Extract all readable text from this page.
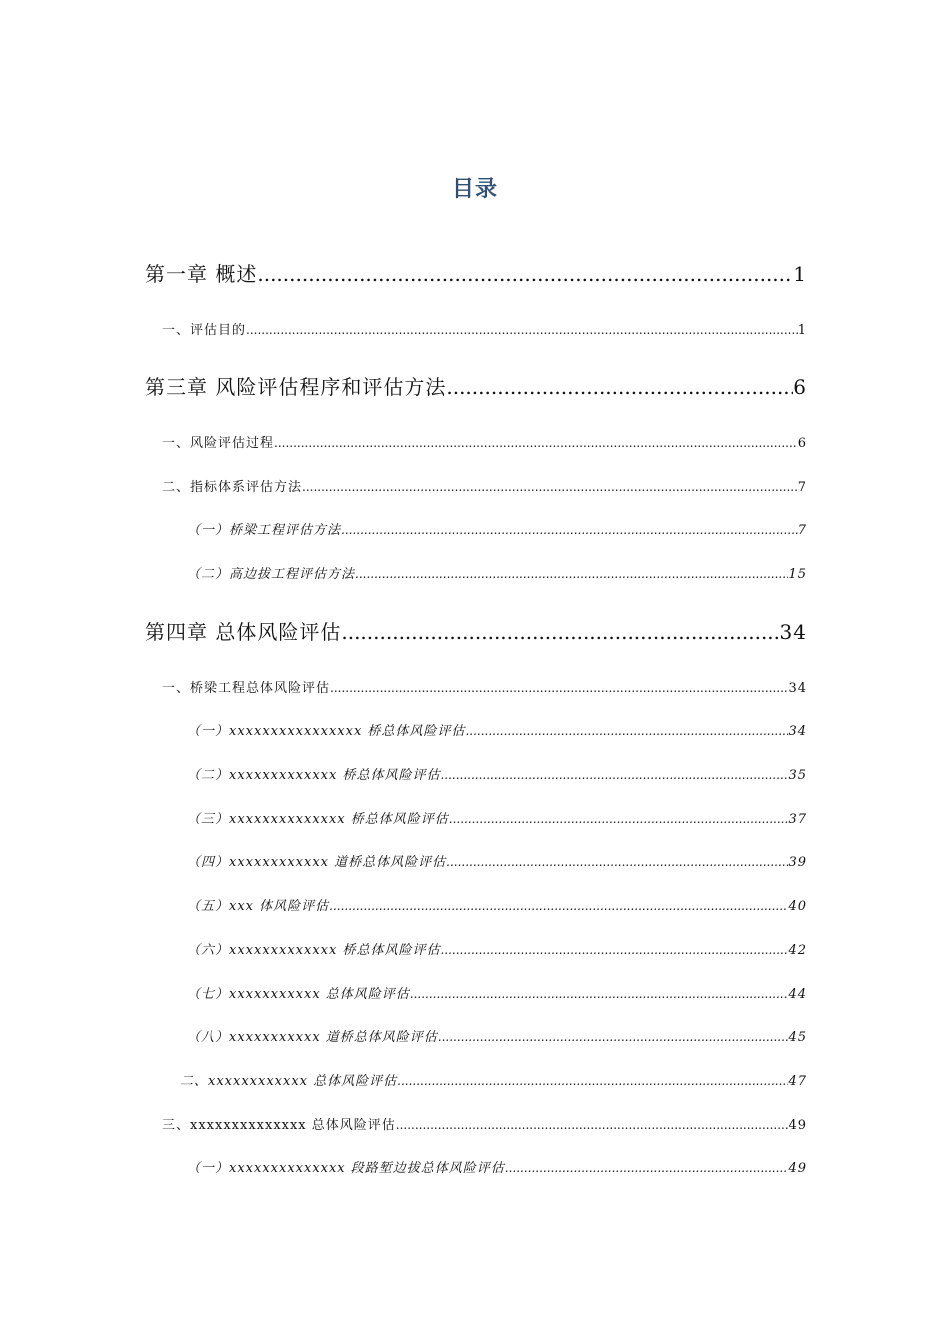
目录
第一章 概述 .....	1
一、评估目的 .....	1
第三章 风险评估程序和评估方法 .....	6
一、风险评估过程 .....	6
二、指标体系评估方法 .....	7
（一）桥梁工程评估方法 .....	7
（二）高边拔工程评估方法 .....	15
第四章 总体风险评估 .....	34
一、桥梁工程总体风险评估 .....	34
（一）xxxxxxxxxxxxxxxx 桥总体风险评估 .....	34
（二）xxxxxxxxxxxxx 桥总体风险评估 .....	35
（三）xxxxxxxxxxxxxx 桥总体风险评估 .....	37
（四）xxxxxxxxxxxx 道桥总体风险评估 .....	39
（五）xxx 体风险评估 .....	40
（六）xxxxxxxxxxxxx 桥总体风险评估 .....	42
（七）xxxxxxxxxxx 总体风险评估 .....	44
（八）xxxxxxxxxxx 道桥总体风险评估 .....	45
二、xxxxxxxxxxxx 总体风险评估 .....	47
三、xxxxxxxxxxxxxx 总体风险评估 .....	49
（一）xxxxxxxxxxxxxx 段路堑边拔总体风险评估 .....	49
